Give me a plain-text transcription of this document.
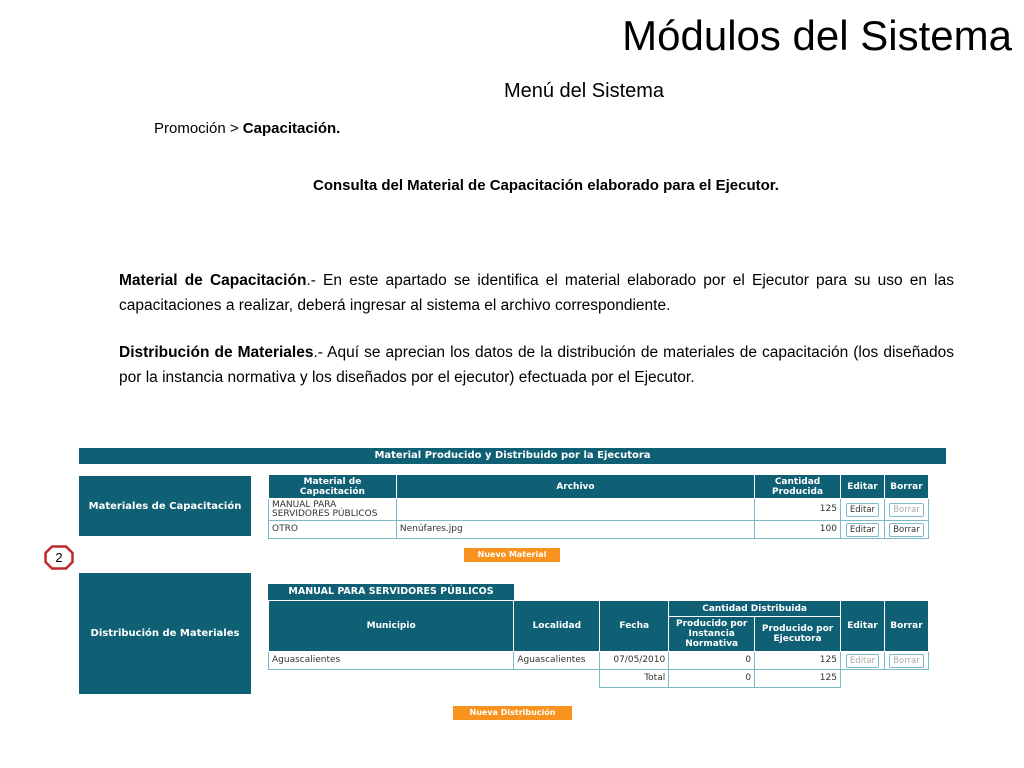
Módulos del Sistema
Menú del Sistema
Promoción > Capacitación.
Consulta del Material de Capacitación elaborado para el Ejecutor.
Material de Capacitación.- En este apartado se identifica el material elaborado por el Ejecutor para su uso en las capacitaciones a realizar, deberá ingresar al sistema el archivo correspondiente.
Distribución de Materiales.- Aquí se aprecian los datos de la distribución de materiales de capacitación (los diseñados por la instancia normativa y los diseñados por el ejecutor) efectuada por el Ejecutor.
Material Producido y Distribuido por la Ejecutora
Materiales de Capacitación
Material de Capacitación	Archivo	Cantidad Producida	Editar	Borrar
MANUAL PARA SERVIDORES PÚBLICOS		125	Editar	Borrar
OTRO	Nenúfares.jpg	100	Editar	Borrar
Nuevo Material
2
Distribución de Materiales
MANUAL PARA SERVIDORES PÚBLICOS
Municipio	Localidad	Fecha	Cantidad Distribuida		Editar	Borrar
			Producido por Instancia Normativa	Producido por Ejecutora		
Aguascalientes	Aguascalientes	07/05/2010	0	125	Editar	Borrar
		Total	0	125		
Nueva Distribución
